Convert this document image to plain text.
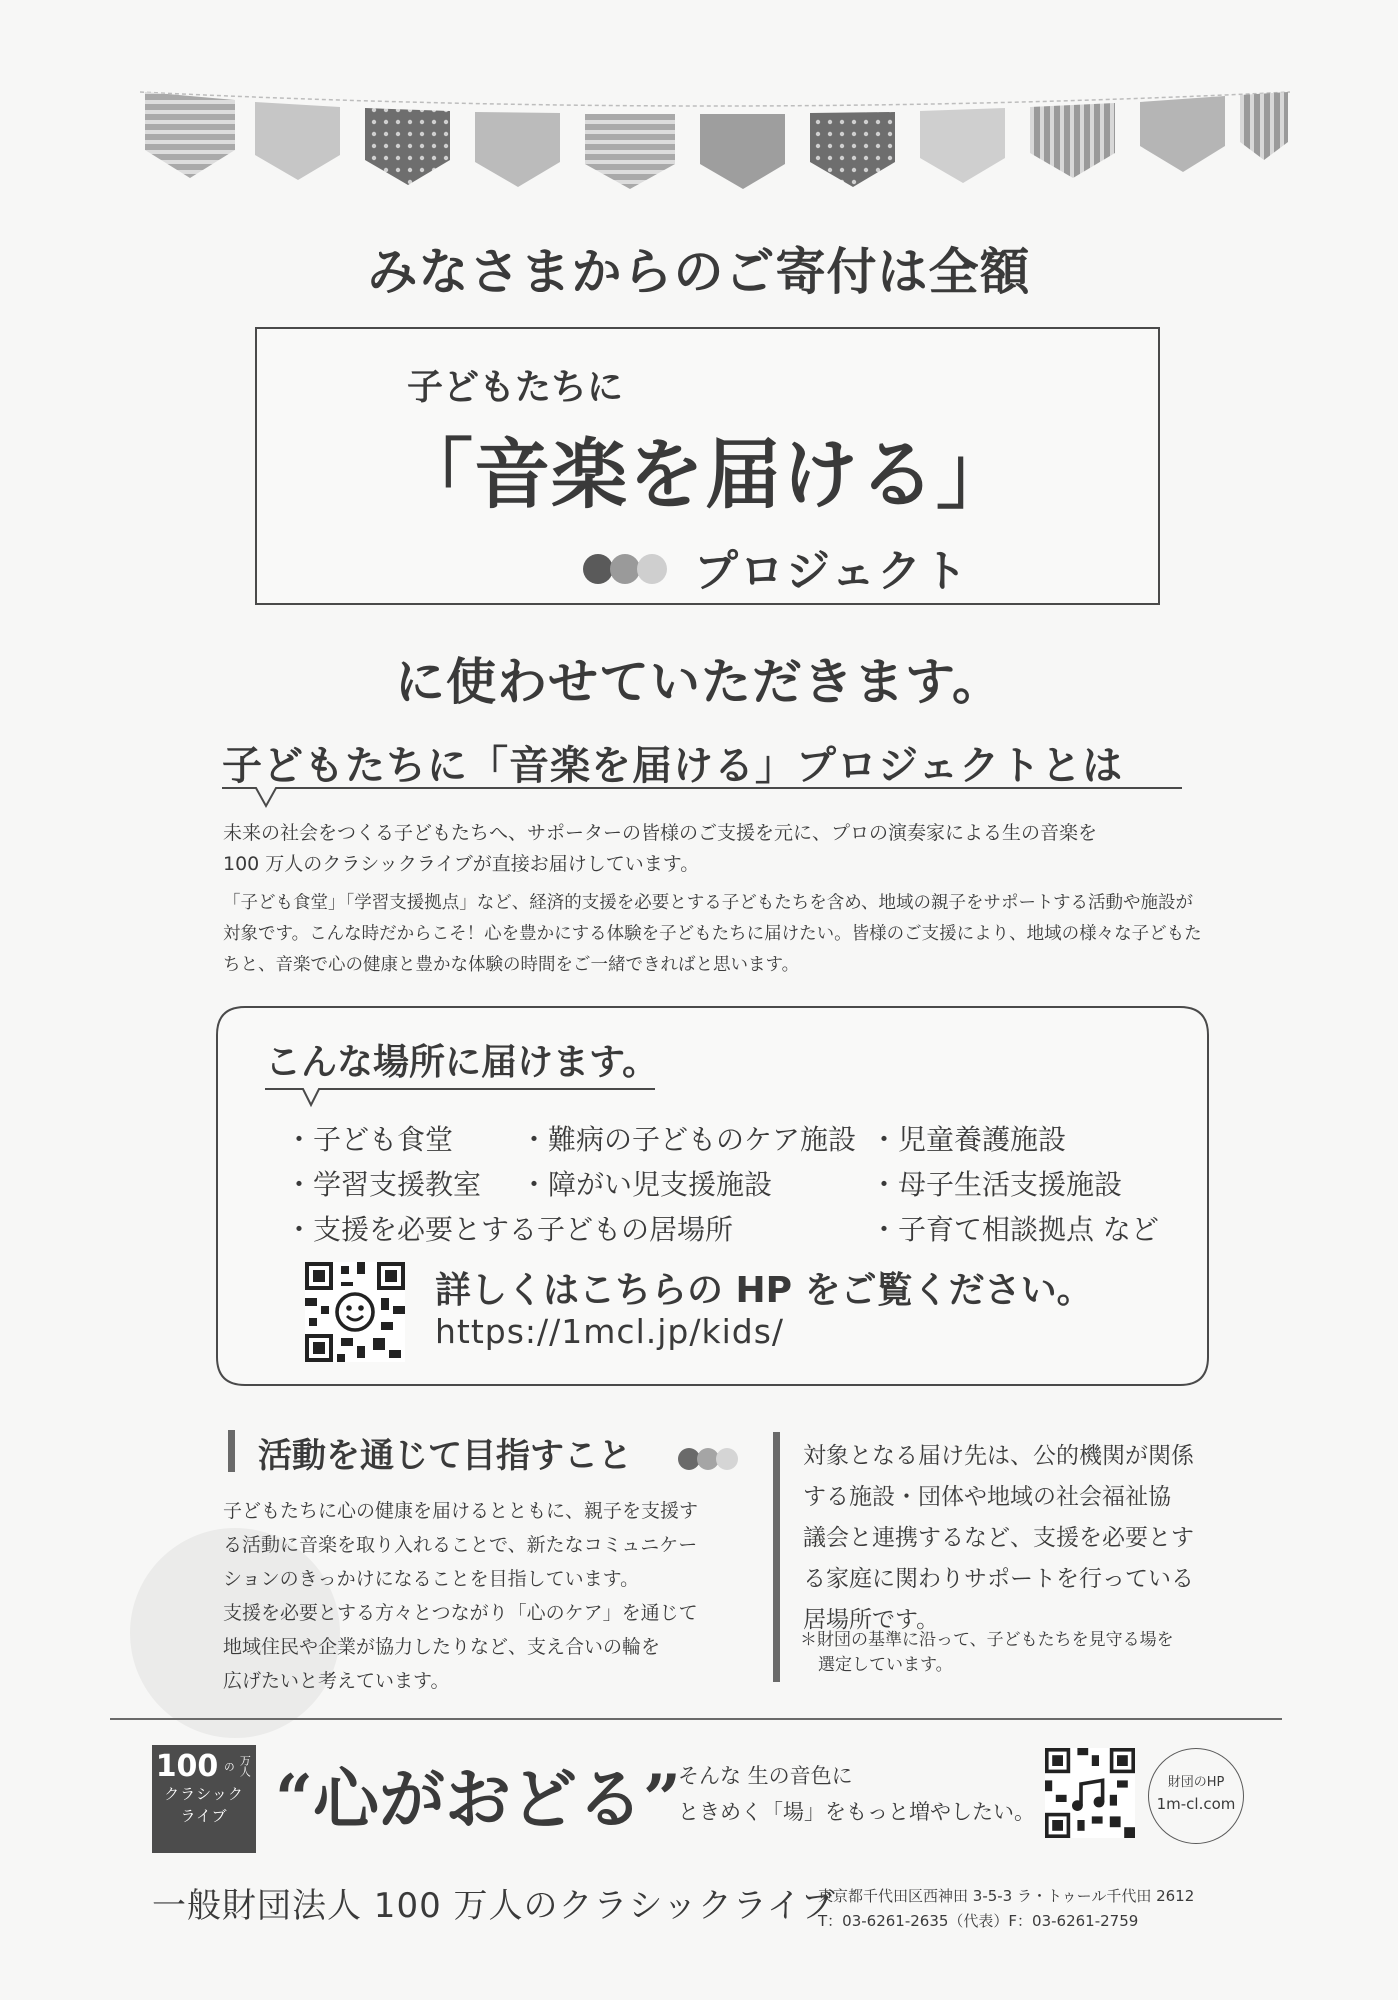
みなさまからのご寄付は全額
子どもたちに
「音楽を届ける」
プロジェクト
に使わせていただきます。
子どもたちに「音楽を届ける」プロジェクトとは
未来の社会をつくる子どもたちへ、サポーターの皆様のご支援を元に、プロの演奏家による生の音楽を
100 万人のクラシックライブが直接お届けしています。
「子ども食堂」「学習支援拠点」など、経済的支援を必要とする子どもたちを含め、地域の親子をサポートする活動や施設が
対象です。こんな時だからこそ！心を豊かにする体験を子どもたちに届けたい。皆様のご支援により、地域の様々な子どもた
ちと、音楽で心の健康と豊かな体験の時間をご一緒できればと思います。
こんな場所に届けます。
・子ども食堂 ・難病の子どものケア施設 ・児童養護施設
・学習支援教室 ・障がい児支援施設	・母子生活支援施設
・支援を必要とする子どもの居場所	・子育て相談拠点 など
詳しくはこちらの HP をご覧ください。
https://1mcl.jp/kids/
活動を通じて目指すこと
子どもたちに心の健康を届けるとともに、親子を支援す
る活動に音楽を取り入れることで、新たなコミュニケー
ションのきっかけになることを目指しています。
支援を必要とする方々とつながり「心のケア」を通じて
地域住民や企業が協力したりなど、支え合いの輪を
広げたいと考えています。
対象となる届け先は、公的機関が関係
する施設・団体や地域の社会福祉協
議会と連携するなど、支援を必要とす
る家庭に関わりサポートを行っている
居場所です。
＊財団の基準に沿って、子どもたちを見守る場を
選定しています。
100 万人の
クラシック
ライブ “心がおどる”
そんな 生の音色に
ときめく「場」をもっと増やしたい。
財団のHP
1m-cl.com
一般財団法人 100 万人のクラシックライブ
東京都千代田区西神田 3-5-3 ラ・トゥール千代田 2612
T：03-6261-2635（代表）F：03-6261-2759
